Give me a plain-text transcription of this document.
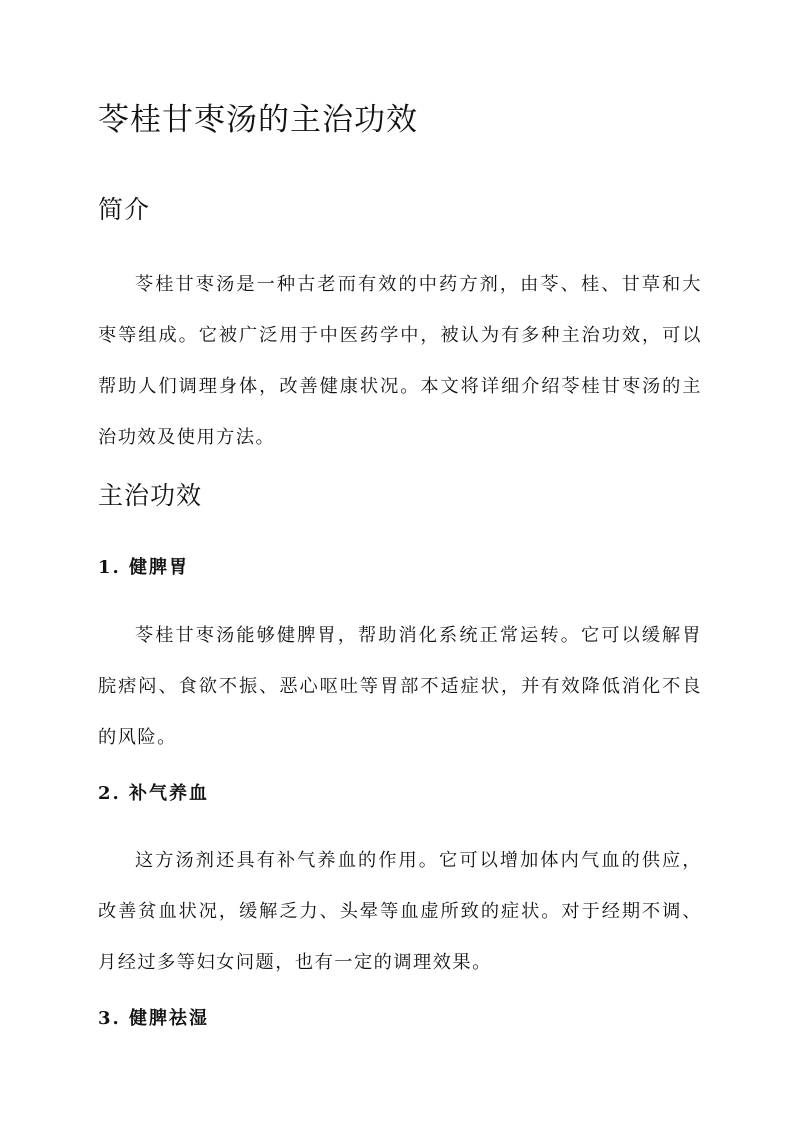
苓桂甘枣汤的主治功效
简介

苓桂甘枣汤是一种古老而有效的中药方剂，由苓、桂、甘草和大枣等组成。它被广泛用于中医药学中，被认为有多种主治功效，可以帮助人们调理身体，改善健康状况。本文将详细介绍苓桂甘枣汤的主治功效及使用方法。

主治功效
1. 健脾胃

苓桂甘枣汤能够健脾胃，帮助消化系统正常运转。它可以缓解胃脘痞闷、食欲不振、恶心呕吐等胃部不适症状，并有效降低消化不良的风险。

2. 补气养血

这方汤剂还具有补气养血的作用。它可以增加体内气血的供应，改善贫血状况，缓解乏力、头晕等血虚所致的症状。对于经期不调、月经过多等妇女问题，也有一定的调理效果。

3. 健脾祛湿
